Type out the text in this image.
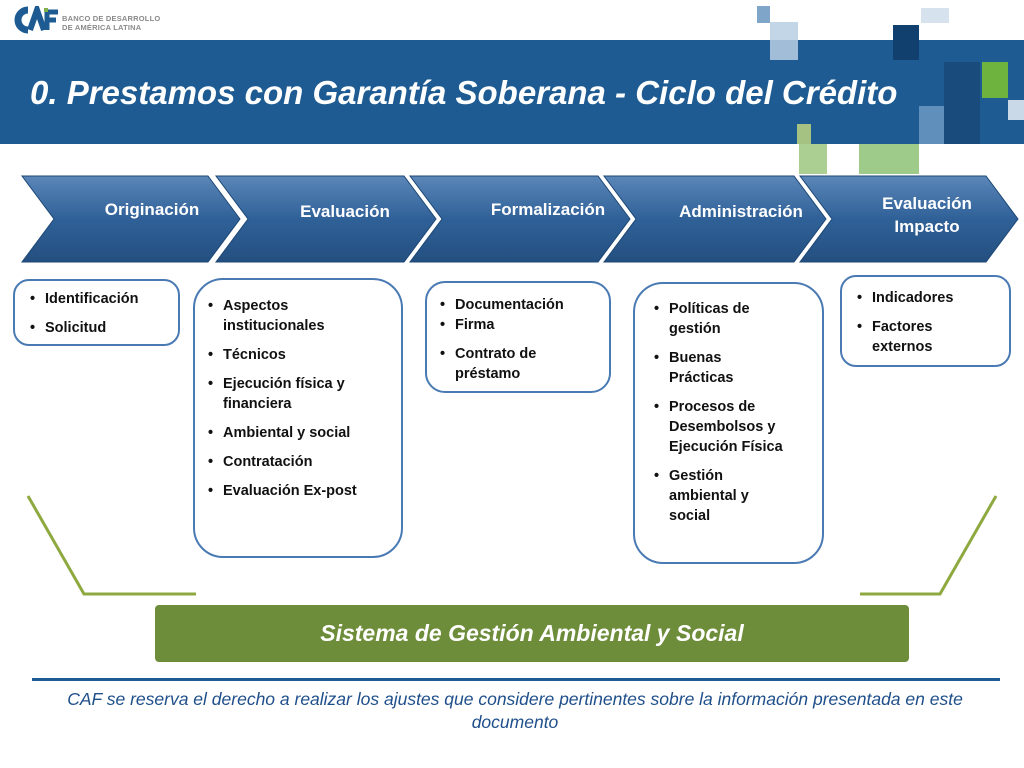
BANCO DE DESARROLLO
DE AMÉRICA LATINA
0. Prestamos con Garantía Soberana - Ciclo del Crédito
Originación	Evaluación	Formalización	Administración	Evaluación Impacto
• Identificación
• Solicitud
• Aspectos institucionales
• Técnicos
• Ejecución física y financiera
• Ambiental y social
• Contratación
• Evaluación Ex-post
• Documentación
• Firma
• Contrato de préstamo
• Políticas de gestión
• Buenas Prácticas
• Procesos de Desembolsos y Ejecución Física
• Gestión ambiental y social
• Indicadores
• Factores externos
Sistema de Gestión Ambiental y Social
CAF se reserva el derecho a realizar los ajustes que considere pertinentes sobre la información presentada en este documento
